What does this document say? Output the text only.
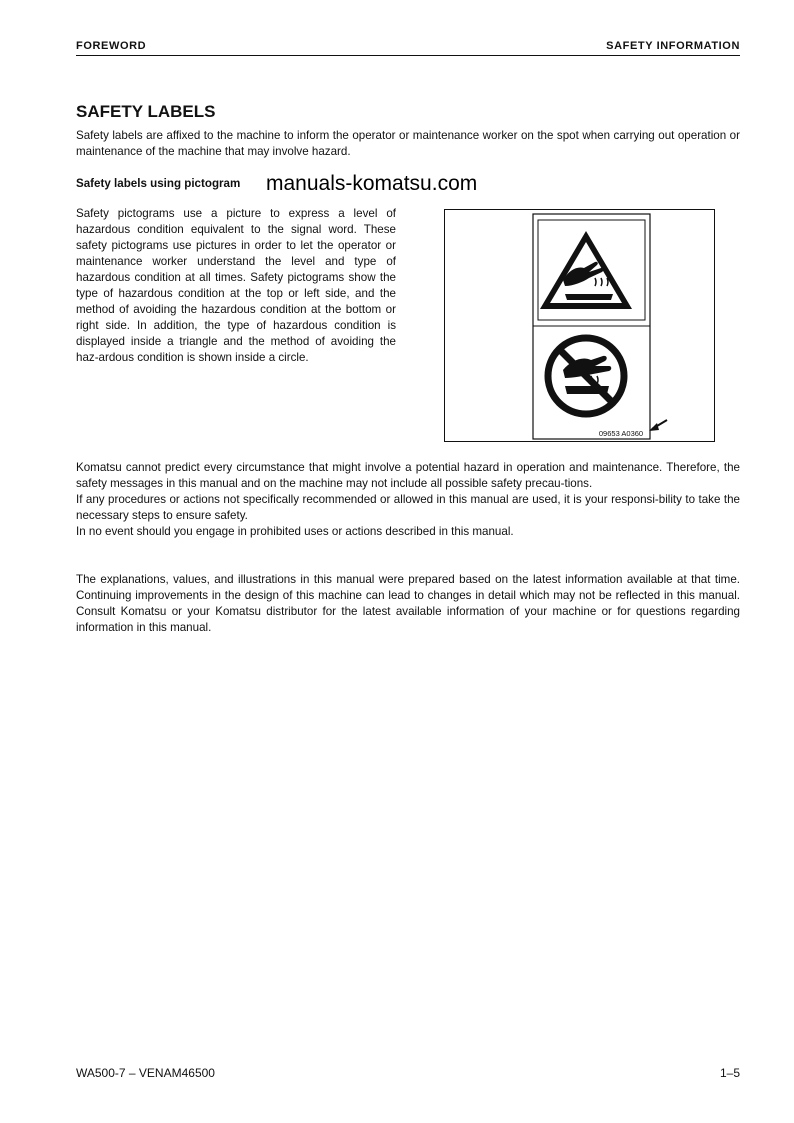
FOREWORD	SAFETY INFORMATION
SAFETY LABELS

Safety labels are affixed to the machine to inform the operator or maintenance worker on the spot when carrying out operation or maintenance of the machine that may involve hazard.

Safety labels using pictogram manuals-komatsu.com

Safety pictograms use a picture to express a level of hazardous condition equivalent to the signal word. These safety pictograms use pictures in order to let the operator or maintenance worker understand the level and type of hazardous condition at all times. Safety pictograms show the type of hazardous condition at the top or left side, and the method of avoiding the hazardous condition at the bottom or right side. In addition, the type of hazardous condition is displayed inside a triangle and the method of avoiding the haz-ardous condition is shown inside a circle.

09653 A0360

Komatsu cannot predict every circumstance that might involve a potential hazard in operation and maintenance. Therefore, the safety messages in this manual and on the machine may not include all possible safety precau-tions.
If any procedures or actions not specifically recommended or allowed in this manual are used, it is your responsi-bility to take the necessary steps to ensure safety.
In no event should you engage in prohibited uses or actions described in this manual.

The explanations, values, and illustrations in this manual were prepared based on the latest information available at that time. Continuing improvements in the design of this machine can lead to changes in detail which may not be reflected in this manual. Consult Komatsu or your Komatsu distributor for the latest available information of your machine or for questions regarding information in this manual.

WA500-7 – VENAM46500	1–5
